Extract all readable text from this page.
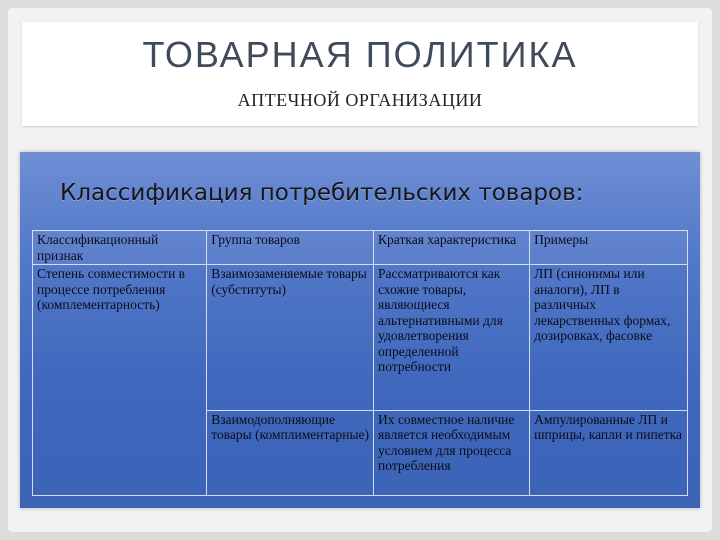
ТОВАРНАЯ ПОЛИТИКА
АПТЕЧНОЙ ОРГАНИЗАЦИИ
Классификация потребительских товаров:
Классификационный признак	Группа товаров	Краткая характеристика	Примеры
Степень совместимости в процессе потребления (комплементарность)	Взаимозаменяемые товары (субституты)	Рассматриваются как схожие товары, являющиеся альтернативными для удовлетворения определенной потребности	ЛП (синонимы или аналоги), ЛП в различных лекарственных формах, дозировках, фасовке
	Взаимодополняющие товары (комплиментарные)	Их совместное наличие является необходимым условием для процесса потребления	Ампулированные ЛП и шприцы, капли и пипетка
